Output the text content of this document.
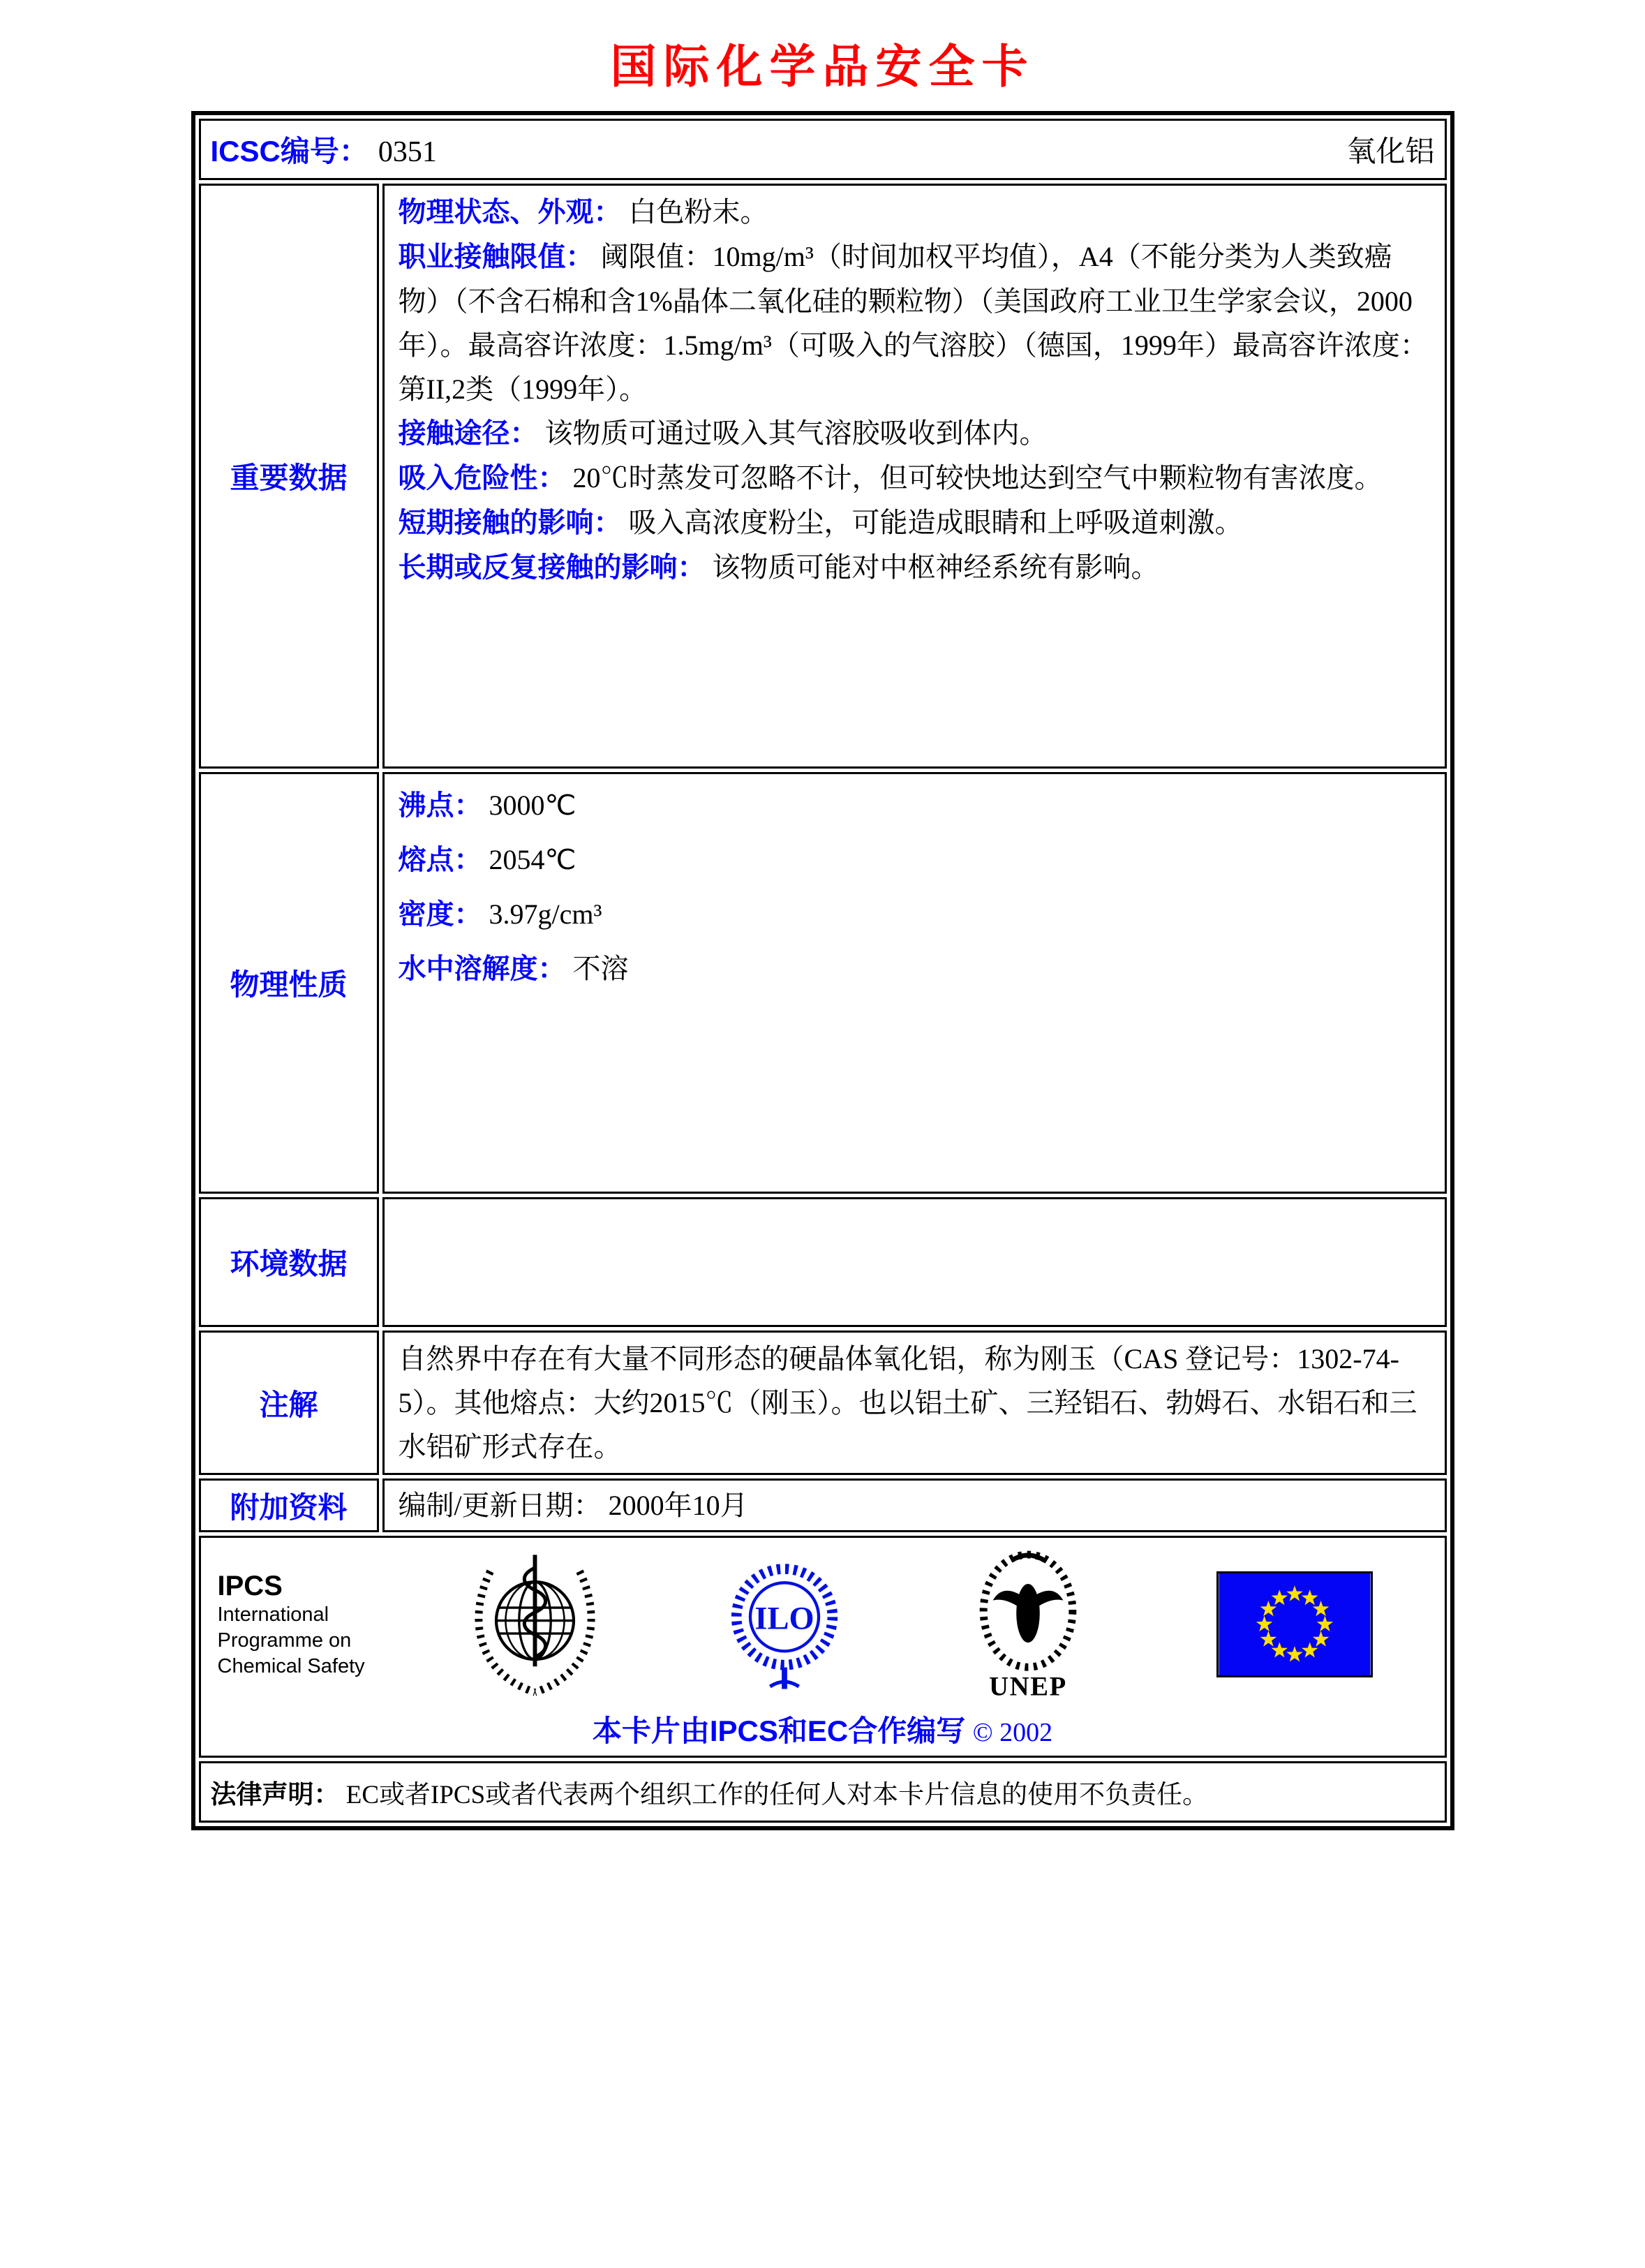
国际化学品安全卡
ICSC编号： 0351	氧化铝
重要数据

物理状态、外观： 白色粉末。

职业接触限值： 阈限值：10mg/m³（时间加权平均值），A4（不能分类为人类致癌物）（不含石棉和含1%晶体二氧化硅的颗粒物）（美国政府工业卫生学家会议，2000年）。最高容许浓度：1.5mg/m³（可吸入的气溶胶）（德国，1999年）最高容许浓度：第II,2类（1999年）。

接触途径： 该物质可通过吸入其气溶胶吸收到体内。

吸入危险性： 20℃时蒸发可忽略不计，但可较快地达到空气中颗粒物有害浓度。

短期接触的影响： 吸入高浓度粉尘，可能造成眼睛和上呼吸道刺激。

长期或反复接触的影响： 该物质可能对中枢神经系统有影响。

物理性质

沸点： 3000℃

熔点： 2054℃

密度： 3.97g/cm³

水中溶解度： 不溶

环境数据
注解

自然界中存在有大量不同形态的硬晶体氧化铝，称为刚玉（CAS 登记号：1302-74-5）。其他熔点：大约2015℃（刚玉）。也以铝土矿、三羟铝石、勃姆石、水铝石和三水铝矿形式存在。

附加资料	编制/更新日期： 2000年10月

IPCS
International
Programme on
Chemical Safety
ILO
UNEP
本卡片由IPCS和EC合作编写 © 2002

法律声明： EC或者IPCS或者代表两个组织工作的任何人对本卡片信息的使用不负责任。
